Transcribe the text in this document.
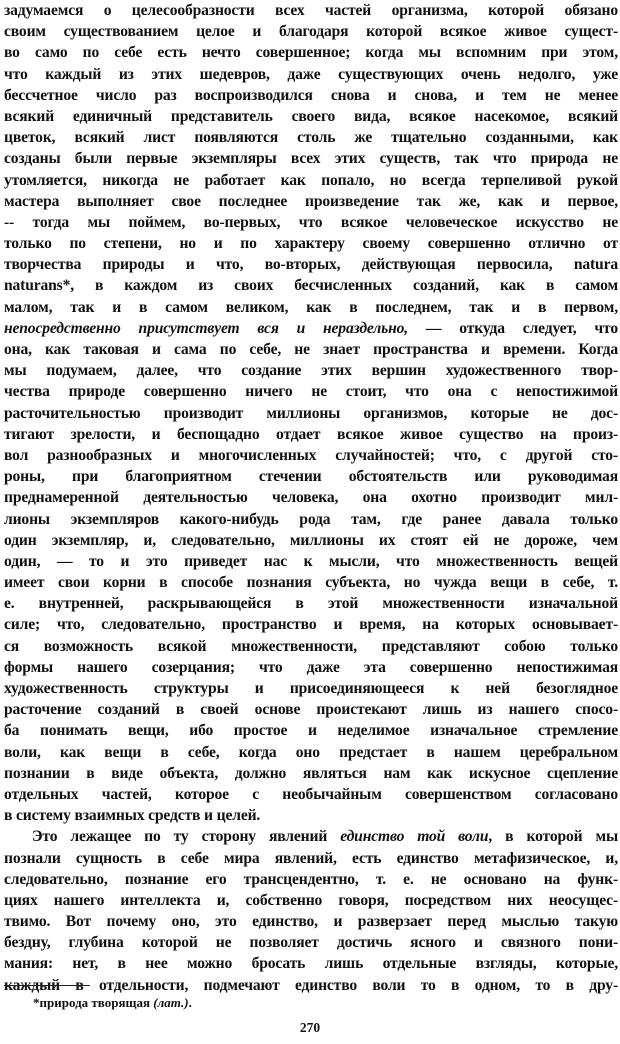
задумаемся о целесообразности всех частей организма, которой обязано
своим существованием целое и благодаря которой всякое живое сущест-
во само по себе есть нечто совершенное; когда мы вспомним при этом,
что каждый из этих шедевров, даже существующих очень недолго, уже
бессчетное число раз воспроизводился снова и снова, и тем не менее
всякий единичный представитель своего вида, всякое насекомое, всякий
цветок, всякий лист появляются столь же тщательно созданными, как
созданы были первые экземпляры всех этих существ, так что природа не
утомляется, никогда не работает как попало, но всегда терпеливой рукой
мастера выполняет свое последнее произведение так же, как и первое,
-- тогда мы поймем, во-первых, что всякое человеческое искусство не
только по степени, но и по характеру своему совершенно отлично от
творчества природы и что, во-вторых, действующая первосила, natura
naturans*, в каждом из своих бесчисленных созданий, как в самом
малом, так и в самом великом, как в последнем, так и в первом,
непосредственно присутствует вся и нераздельно, — откуда следует, что
она, как таковая и сама по себе, не знает пространства и времени. Когда
мы подумаем, далее, что создание этих вершин художественного твор-
чества природе совершенно ничего не стоит, что она с непостижимой
расточительностью производит миллионы организмов, которые не дос-
тигают зрелости, и беспощадно отдает всякое живое существо на произ-
вол разнообразных и многочисленных случайностей; что, с другой сто-
роны, при благоприятном стечении обстоятельств или руководимая
преднамеренной деятельностью человека, она охотно производит мил-
лионы экземпляров какого-нибудь рода там, где ранее давала только
один экземпляр, и, следовательно, миллионы их стоят ей не дороже, чем
один, — то и это приведет нас к мысли, что множественность вещей
имеет свои корни в способе познания субъекта, но чужда вещи в себе, т.
е. внутренней, раскрывающейся в этой множественности изначальной
силе; что, следовательно, пространство и время, на которых основывает-
ся возможность всякой множественности, представляют собою только
формы нашего созерцания; что даже эта совершенно непостижимая
художественность структуры и присоединяющееся к ней безоглядное
расточение созданий в своей основе проистекают лишь из нашего спосо-
ба понимать вещи, ибо простое и неделимое изначальное стремление
воли, как вещи в себе, когда оно предстает в нашем церебральном
познании в виде объекта, должно являться нам как искусное сцепление
отдельных частей, которое с необычайным совершенством согласовано
в систему взаимных средств и целей.
Это лежащее по ту сторону явлений единство той воли, в которой мы
познали сущность в себе мира явлений, есть единство метафизическое, и,
следовательно, познание его трансцендентно, т. е. не основано на функ-
циях нашего интеллекта и, собственно говоря, посредством них неосущес-
твимо. Вот почему оно, это единство, и разверзает перед мыслью такую
бездну, глубина которой не позволяет достичь ясного и связного пони-
мания: нет, в нее можно бросать лишь отдельные взгляды, которые,
каждый в отдельности, подмечают единство воли то в одном, то в дру-
*природа творящая (лат.).
270
